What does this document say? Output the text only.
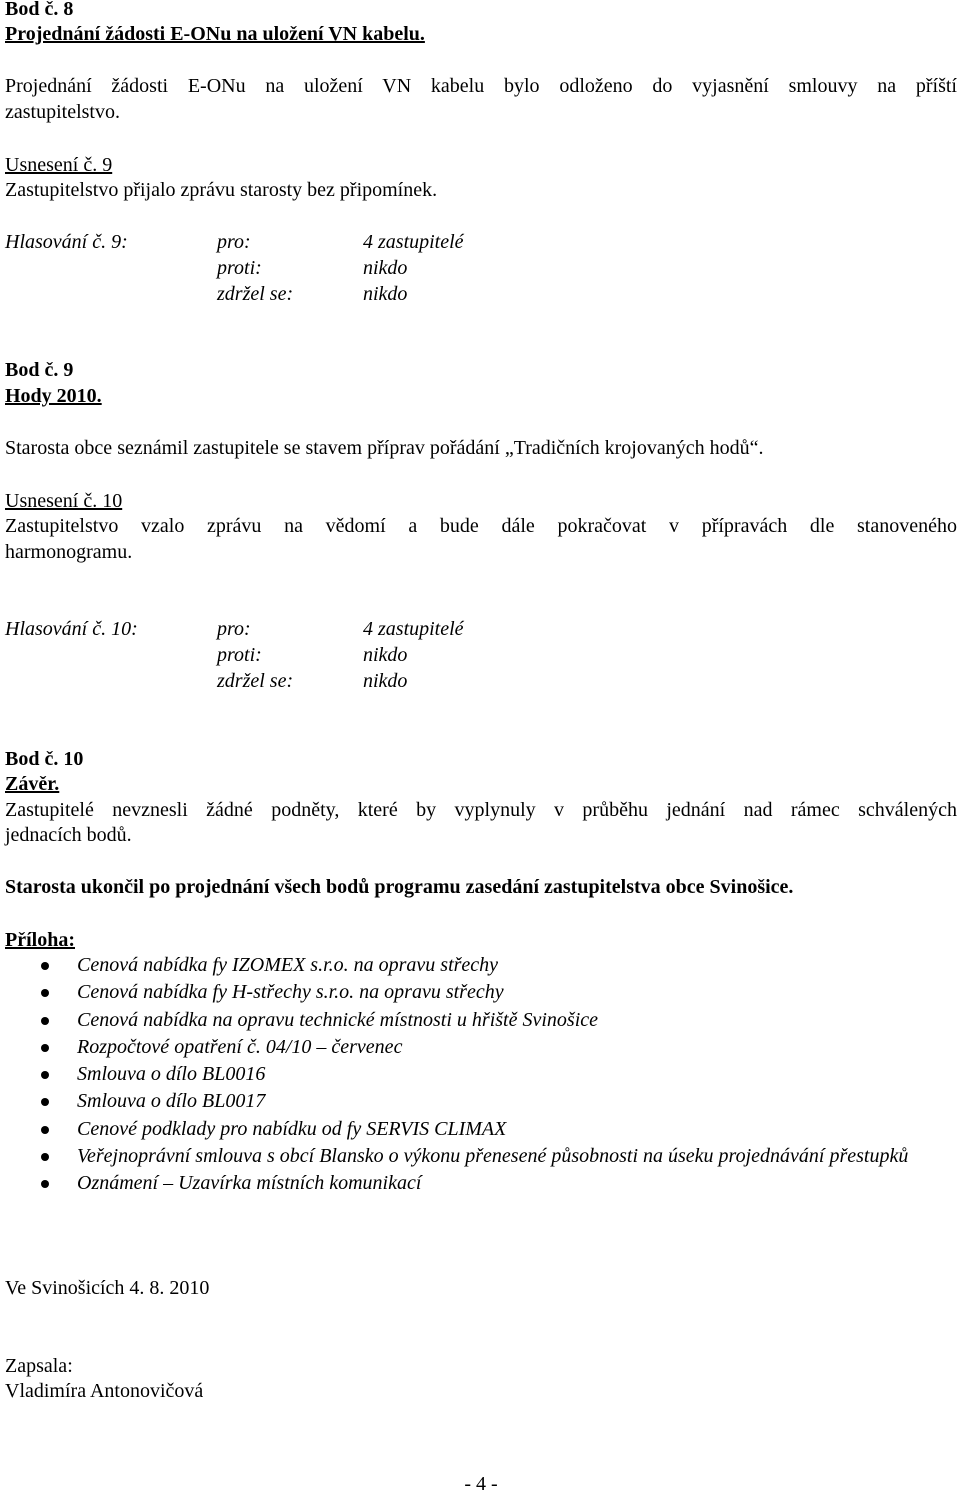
Bod č. 8
Projednání žádosti E-ONu na uložení VN kabelu.
Projednání žádosti E-ONu na uložení VN kabelu bylo odloženo do vyjasnění smlouvy na příští
zastupitelstvo.
Usnesení č. 9
Zastupitelstvo přijalo zprávu starosty bez připomínek.
Hlasování č. 9:	pro:	4 zastupitelé
proti:	nikdo
zdržel se:	nikdo
Bod č. 9
Hody 2010.
Starosta obce seznámil zastupitele se stavem příprav pořádání „Tradičních krojovaných hodů“.
Usnesení č. 10
Zastupitelstvo vzalo zprávu na vědomí a bude dále pokračovat v přípravách dle stanoveného
harmonogramu.
Hlasování č. 10:	pro:	4 zastupitelé
proti:	nikdo
zdržel se:	nikdo
Bod č. 10
Závěr.
Zastupitelé nevznesli žádné podněty, které by vyplynuly v průběhu jednání nad rámec schválených
jednacích bodů.
Starosta ukončil po projednání všech bodů programu zasedání zastupitelstva obce Svinošice.
Příloha:
Cenová nabídka fy IZOMEX s.r.o. na opravu střechy
Cenová nabídka fy H-střechy s.r.o. na opravu střechy
Cenová nabídka na opravu technické místnosti u hřiště Svinošice
Rozpočtové opatření č. 04/10 – červenec
Smlouva o dílo BL0016
Smlouva o dílo BL0017
Cenové podklady pro nabídku od fy SERVIS CLIMAX
Veřejnoprávní smlouva s obcí Blansko o výkonu přenesené působnosti na úseku projednávání přestupků
Oznámení – Uzavírka místních komunikací
Ve Svinošicích 4. 8. 2010
Zapsala:
Vladimíra Antonovičová
- 4 -
